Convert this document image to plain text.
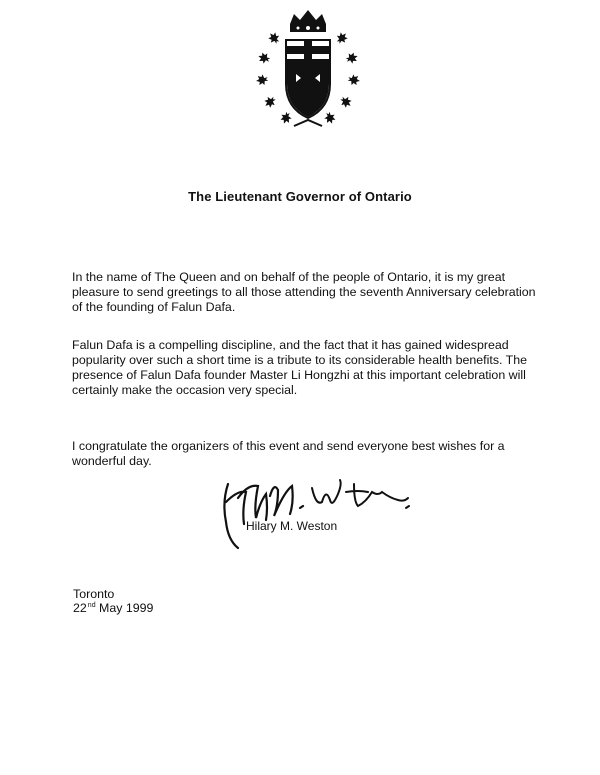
The Lieutenant Governor of Ontario

In the name of The Queen and on behalf of the people of Ontario, it is my great pleasure to send greetings to all those attending the seventh Anniversary celebration of the founding of Falun Dafa.

Falun Dafa is a compelling discipline, and the fact that it has gained widespread popularity over such a short time is a tribute to its considerable health benefits. The presence of Falun Dafa founder Master Li Hongzhi at this important celebration will certainly make the occasion very special.

I congratulate the organizers of this event and send everyone best wishes for a wonderful day.

Hilary M. Weston
Toronto
22nd May 1999
